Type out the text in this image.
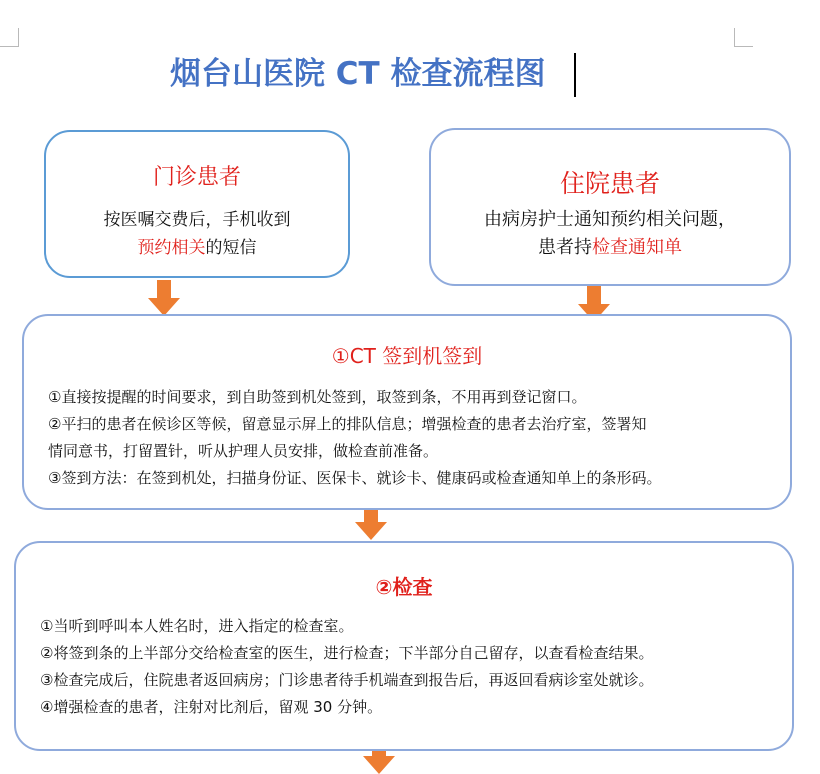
烟台山医院 CT 检查流程图
门诊患者
按医嘱交费后，手机收到
预约相关的短信
住院患者
由病房护士通知预约相关问题，
患者持检查通知单
①CT 签到机签到
①直接按提醒的时间要求，到自助签到机处签到，取签到条，不用再到登记窗口。
②平扫的患者在候诊区等候，留意显示屏上的排队信息；增强检查的患者去治疗室，签署知
情同意书，打留置针，听从护理人员安排，做检查前准备。
③签到方法：在签到机处，扫描身份证、医保卡、就诊卡、健康码或检查通知单上的条形码。
②检查
①当听到呼叫本人姓名时，进入指定的检查室。
②将签到条的上半部分交给检查室的医生，进行检查；下半部分自己留存，以查看检查结果。
③检查完成后，住院患者返回病房；门诊患者待手机端查到报告后，再返回看病诊室处就诊。
④增强检查的患者，注射对比剂后，留观 30 分钟。
